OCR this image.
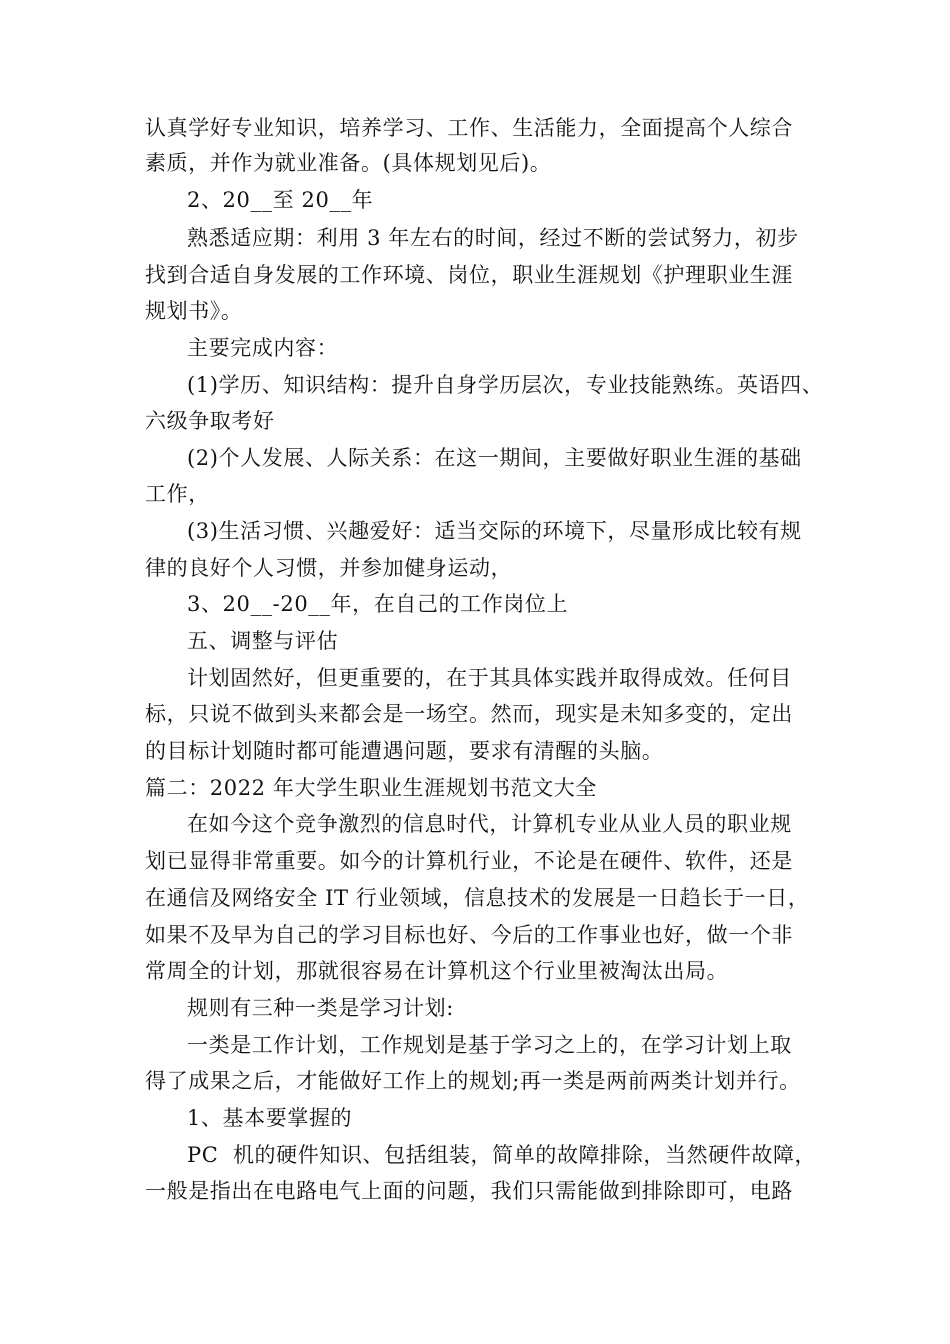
认真学好专业知识，培养学习、工作、生活能力，全面提高个人综合
素质，并作为就业准备。(具体规划见后)。
2、20__至 20__年
熟悉适应期：利用 3 年左右的时间，经过不断的尝试努力，初步
找到合适自身发展的工作环境、岗位，职业生涯规划《护理职业生涯
规划书》。
主要完成内容：
(1)学历、知识结构：提升自身学历层次，专业技能熟练。英语四、
六级争取考好
(2)个人发展、人际关系：在这一期间，主要做好职业生涯的基础
工作，
(3)生活习惯、兴趣爱好：适当交际的环境下，尽量形成比较有规
律的良好个人习惯，并参加健身运动，
3、20__-20__年，在自己的工作岗位上
五、调整与评估
计划固然好，但更重要的，在于其具体实践并取得成效。任何目
标，只说不做到头来都会是一场空。然而，现实是未知多变的，定出
的目标计划随时都可能遭遇问题，要求有清醒的头脑。
篇二：2022 年大学生职业生涯规划书范文大全
在如今这个竞争激烈的信息时代，计算机专业从业人员的职业规
划已显得非常重要。如今的计算机行业，不论是在硬件、软件，还是
在通信及网络安全 IT 行业领域，信息技术的发展是一日趋长于一日，
如果不及早为自己的学习目标也好、今后的工作事业也好，做一个非
常周全的计划，那就很容易在计算机这个行业里被淘汰出局。
规则有三种一类是学习计划:
一类是工作计划，工作规划是基于学习之上的，在学习计划上取
得了成果之后，才能做好工作上的规划;再一类是两前两类计划并行。
1、基本要掌握的
PC  机的硬件知识、包括组装，简单的故障排除，当然硬件故障，
一般是指出在电路电气上面的问题，我们只需能做到排除即可，电路
